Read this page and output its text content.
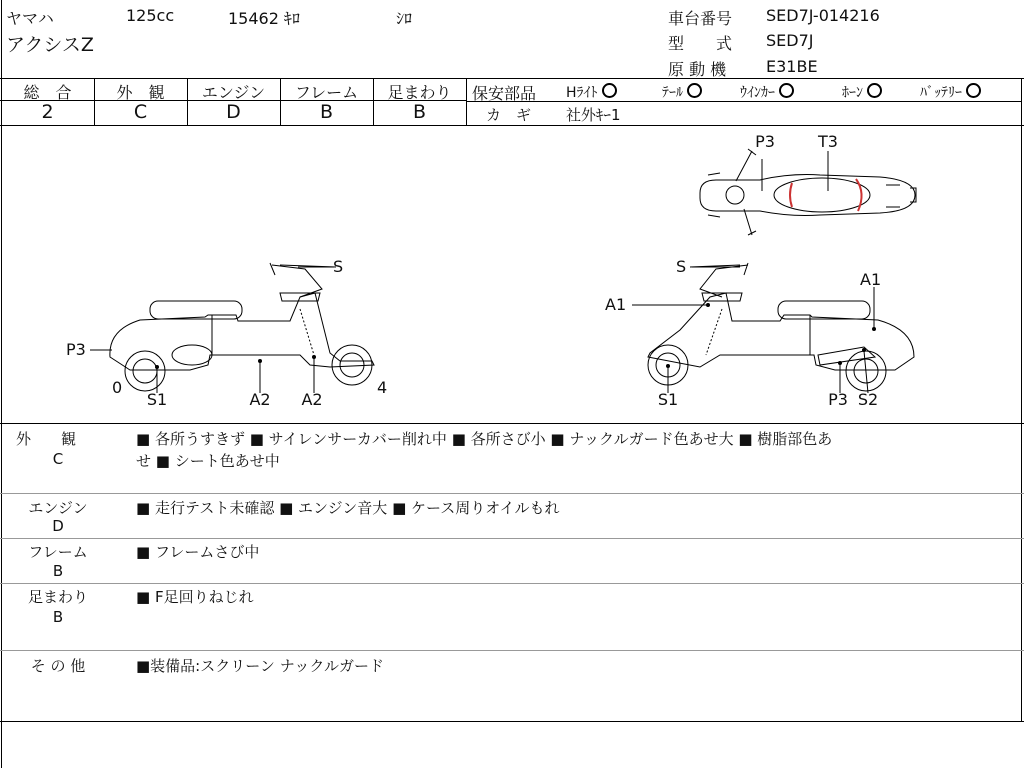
ヤマハ	125cc	15462 ｷﾛ	ｼﾛ
アクシスZ
車台番号 SED7J-014216
型　　式 SED7J
原 動 機 E31BE
総　合
2
外　観
C
エンジン
D
フレーム
B
足まわり
B
保安部品 Hﾗｲﾄ	ﾃｰﾙ	ｳｲﾝｶｰ	ﾎｰﾝ	ﾊﾞｯﾃﾘｰ
カ　ギ 社外ｷｰ1
P3	T3
S
P3
0
S1	A2 A2
4
S
A1
A1
S1	P3 S2
外　　観
C
■ 各所うすきず ■ サイレンサーカバー削れ中 ■ 各所さび小 ■ ナックルガード色あせ大 ■ 樹脂部色あ
せ ■ シート色あせ中
エンジン
D
■ 走行テスト未確認 ■ エンジン音大 ■ ケース周りオイルもれ
フレーム
B
■ フレームさび中
足まわり
B
■ F足回りねじれ
そ の 他	■装備品:スクリーン ナックルガード
